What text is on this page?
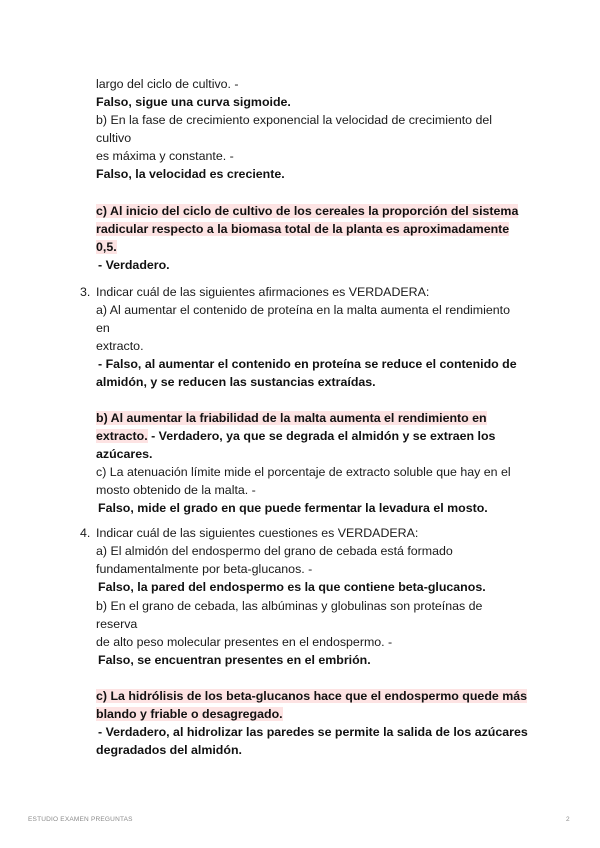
largo del ciclo de cultivo. -
Falso, sigue una curva sigmoide.
b) En la fase de crecimiento exponencial la velocidad de crecimiento del
cultivo
es máxima y constante. -
Falso, la velocidad es creciente.
c) Al inicio del ciclo de cultivo de los cereales la proporción del sistema
radicular respecto a la biomasa total de la planta es aproximadamente
0,5.
- Verdadero.
3. Indicar cuál de las siguientes afirmaciones es VERDADERA:
a) Al aumentar el contenido de proteína en la malta aumenta el rendimiento
en
extracto.
- Falso, al aumentar el contenido en proteína se reduce el contenido de
almidón, y se reducen las sustancias extraídas.
b) Al aumentar la friabilidad de la malta aumenta el rendimiento en
extracto. - Verdadero, ya que se degrada el almidón y se extraen los
azúcares.
c) La atenuación límite mide el porcentaje de extracto soluble que hay en el
mosto obtenido de la malta. -
Falso, mide el grado en que puede fermentar la levadura el mosto.
4. Indicar cuál de las siguientes cuestiones es VERDADERA:
a) El almidón del endospermo del grano de cebada está formado
fundamentalmente por beta-glucanos. -
Falso, la pared del endospermo es la que contiene beta-glucanos.
b) En el grano de cebada, las albúminas y globulinas son proteínas de
reserva
de alto peso molecular presentes en el endospermo. -
Falso, se encuentran presentes en el embrión.
c) La hidrólisis de los beta-glucanos hace que el endospermo quede más
blando y friable o desagregado.
- Verdadero, al hidrolizar las paredes se permite la salida de los azúcares
degradados del almidón.
ESTUDIO EXAMEN PREGUNTAS	2
